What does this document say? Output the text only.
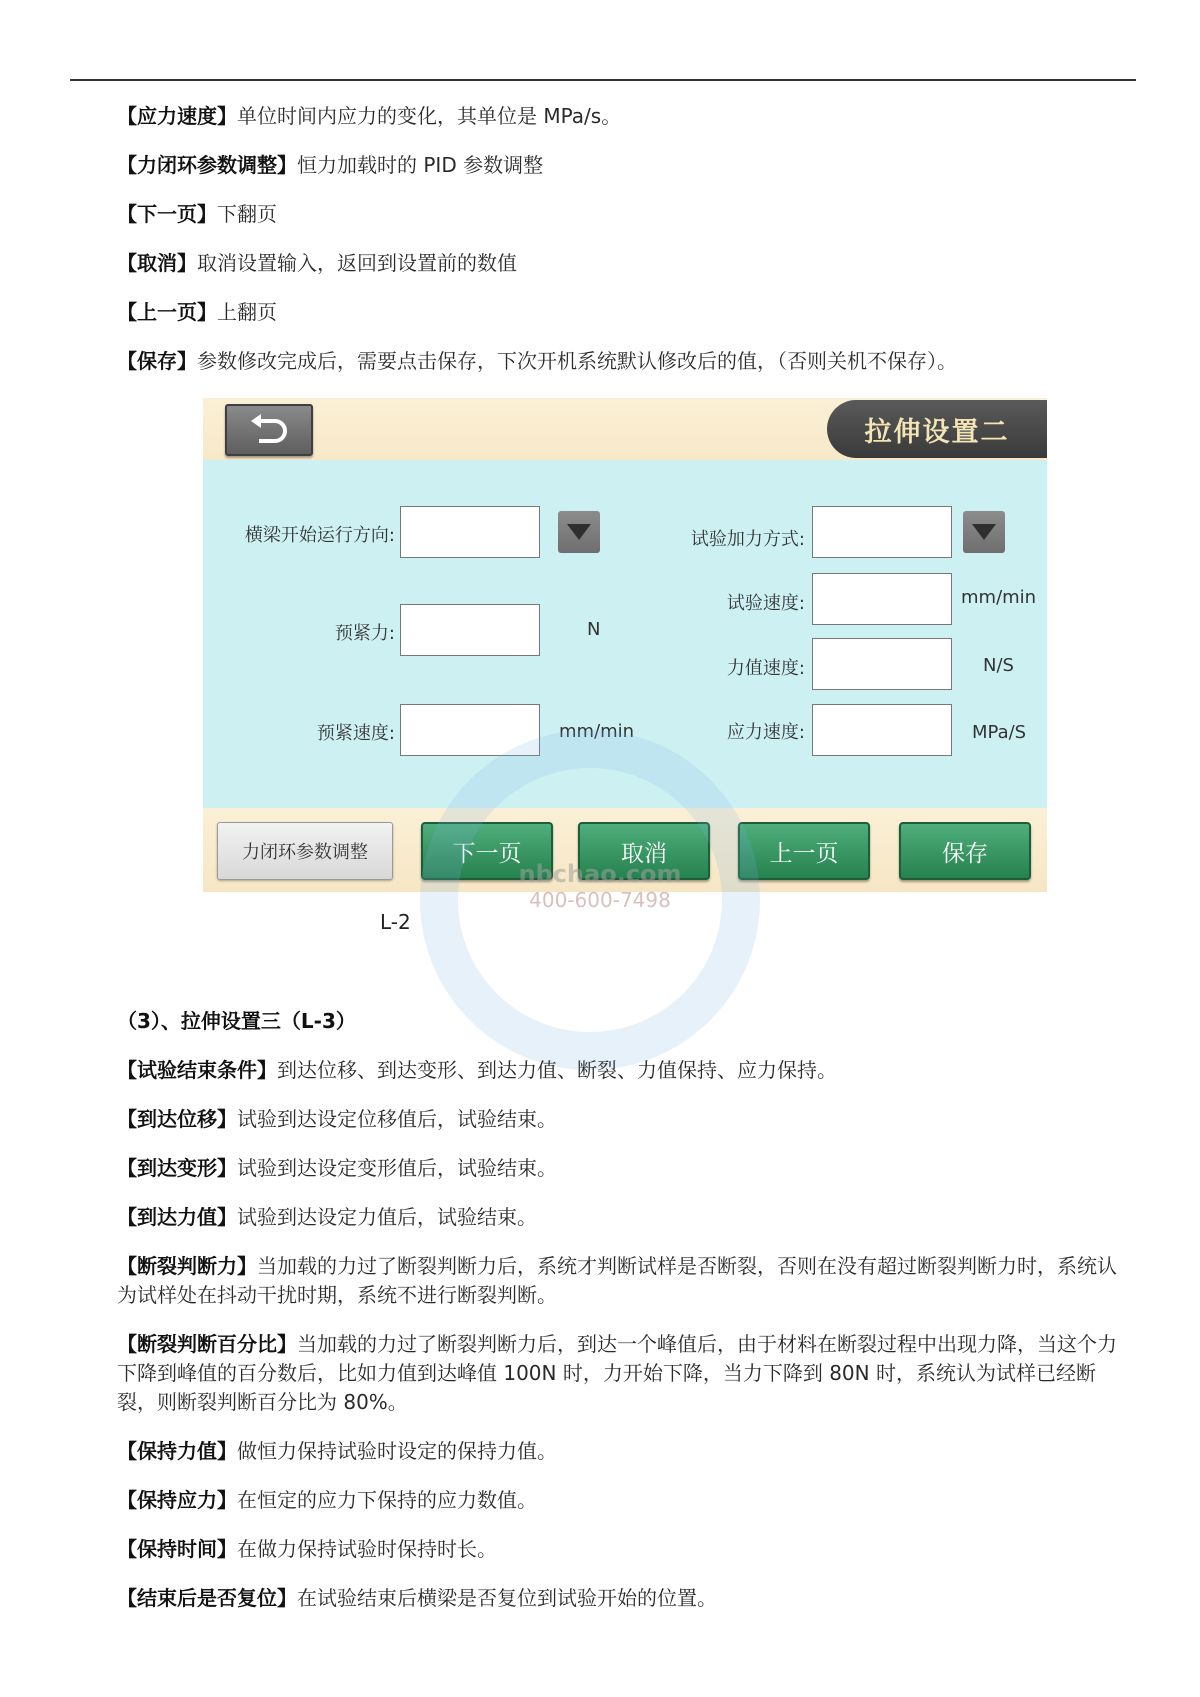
【应力速度】单位时间内应力的变化，其单位是 MPa/s。
【力闭环参数调整】恒力加载时的 PID 参数调整
【下一页】下翻页
【取消】取消设置输入，返回到设置前的数值
【上一页】上翻页
【保存】参数修改完成后，需要点击保存，下次开机系统默认修改后的值，（否则关机不保存）。
拉伸设置二
横梁开始运行方向:
预紧力:	N
预紧速度:	mm/min
试验加力方式:
试验速度:	mm/min
力值速度:	N/S
应力速度:	MPa/S
力闭环参数调整	下一页	取消	上一页	保存
nbchao.com
400-600-7498
L-2
（3）、拉伸设置三（L-3）
【试验结束条件】到达位移、到达变形、到达力值、断裂、力值保持、应力保持。
【到达位移】试验到达设定位移值后，试验结束。
【到达变形】试验到达设定变形值后，试验结束。
【到达力值】试验到达设定力值后，试验结束。
【断裂判断力】当加载的力过了断裂判断力后，系统才判断试样是否断裂，否则在没有超过断裂判断力时，系统认为试样处在抖动干扰时期，系统不进行断裂判断。
【断裂判断百分比】当加载的力过了断裂判断力后，到达一个峰值后，由于材料在断裂过程中出现力降，当这个力下降到峰值的百分数后，比如力值到达峰值 100N 时，力开始下降，当力下降到 80N 时，系统认为试样已经断裂，则断裂判断百分比为 80%。
【保持力值】做恒力保持试验时设定的保持力值。
【保持应力】在恒定的应力下保持的应力数值。
【保持时间】在做力保持试验时保持时长。
【结束后是否复位】在试验结束后横梁是否复位到试验开始的位置。
